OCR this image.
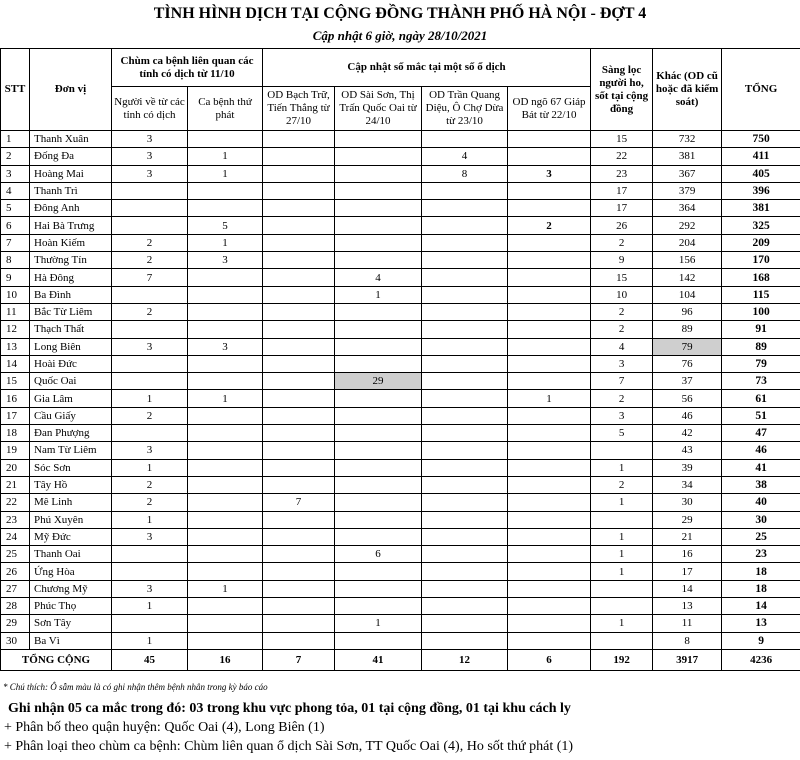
TÌNH HÌNH DỊCH TẠI CỘNG ĐỒNG THÀNH PHỐ HÀ NỘI - ĐỢT 4
Cập nhật 6 giờ, ngày 28/10/2021
STT	Đơn vị	Chùm ca bệnh liên quan các tỉnh có dịch từ 11/10		Cập nhật số mắc tại một số ổ dịch				Sàng lọc người ho, sốt tại cộng đồng	Khác (OD cũ hoặc đã kiểm soát)	TỔNG
		Người về từ các tỉnh có dịch	Ca bệnh thứ phát	OD Bạch Trữ, Tiến Thắng từ 27/10	OD Sài Sơn, Thị Trấn Quốc Oai từ 24/10	OD Trần Quang Diệu, Ô Chợ Dừa từ 23/10	OD ngõ 67 Giáp Bát từ 22/10			
1	Thanh Xuân	3						15	732	750
2	Đống Đa	3	1			4		22	381	411
3	Hoàng Mai	3	1			8	3	23	367	405
4	Thanh Trì							17	379	396
5	Đông Anh							17	364	381
6	Hai Bà Trưng		5				2	26	292	325
7	Hoàn Kiếm	2	1					2	204	209
8	Thường Tín	2	3					9	156	170
9	Hà Đông	7			4			15	142	168
10	Ba Đình				1			10	104	115
11	Bắc Từ Liêm	2						2	96	100
12	Thạch Thất							2	89	91
13	Long Biên	3	3					4	79	89
14	Hoài Đức							3	76	79
15	Quốc Oai				29			7	37	73
16	Gia Lâm	1	1				1	2	56	61
17	Cầu Giấy	2						3	46	51
18	Đan Phượng							5	42	47
19	Nam Từ Liêm	3							43	46
20	Sóc Sơn	1						1	39	41
21	Tây Hồ	2						2	34	38
22	Mê Linh	2		7				1	30	40
23	Phú Xuyên	1							29	30
24	Mỹ Đức	3						1	21	25
25	Thanh Oai				6			1	16	23
26	Ứng Hòa							1	17	18
27	Chương Mỹ	3	1						14	18
28	Phúc Thọ	1							13	14
29	Sơn Tây				1			1	11	13
30	Ba Vì	1							8	9
TỔNG CỘNG		45	16	7	41	12	6	192	3917	4236
* Chú thích: Ô sẫm màu là có ghi nhận thêm bệnh nhân trong kỳ báo cáo
Ghi nhận 05 ca mắc trong đó: 03 trong khu vực phong tỏa, 01 tại cộng đồng, 01 tại khu cách ly
+ Phân bố theo quận huyện: Quốc Oai (4), Long Biên (1)
+ Phân loại theo chùm ca bệnh: Chùm liên quan ổ dịch Sài Sơn, TT Quốc Oai (4), Ho sốt thứ phát (1)
